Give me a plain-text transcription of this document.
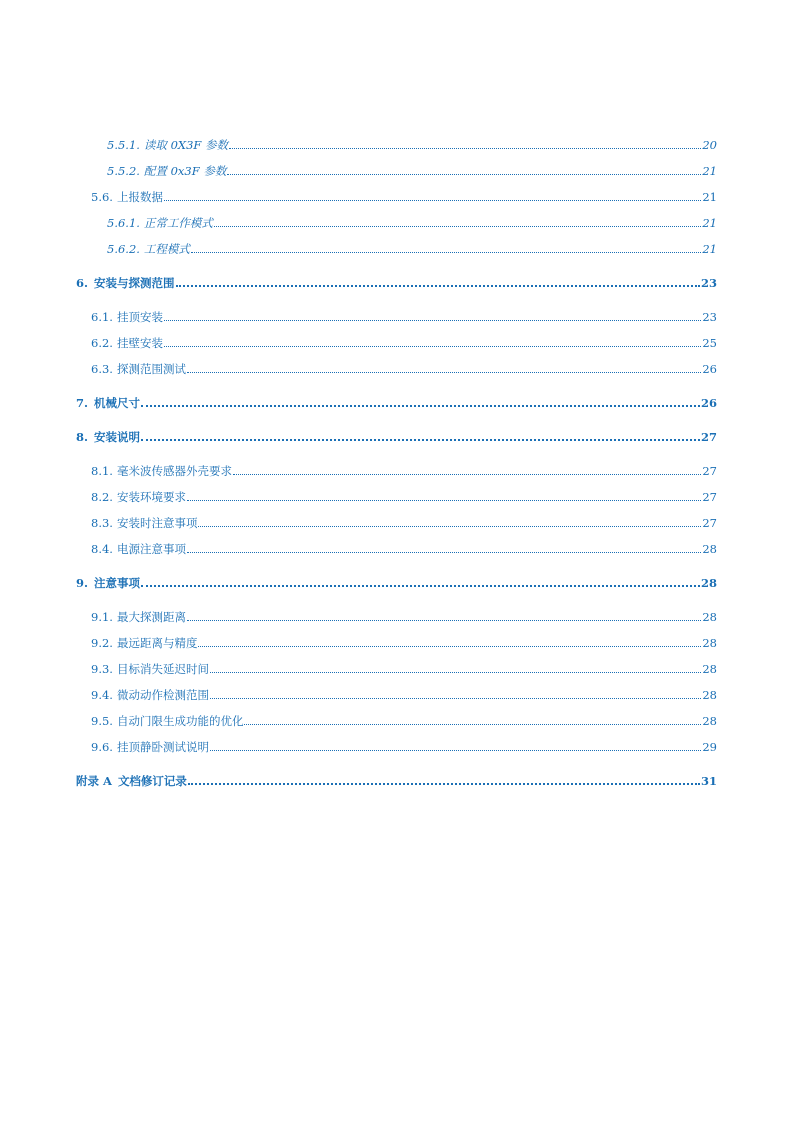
5.5.1. 读取 0X3F 参数	20
5.5.2. 配置 0x3F 参数	21
5.6. 上报数据	21
5.6.1. 正常工作模式	21
5.6.2. 工程模式	21
6. 安装与探测范围	23
6.1. 挂顶安装	23
6.2. 挂壁安装	25
6.3. 探测范围测试	26
7. 机械尺寸	26
8. 安装说明	27
8.1. 毫米波传感器外壳要求	27
8.2. 安装环境要求	27
8.3. 安装时注意事项	27
8.4. 电源注意事项	28
9. 注意事项	28
9.1. 最大探测距离	28
9.2. 最远距离与精度	28
9.3. 目标消失延迟时间	28
9.4. 微动动作检测范围	28
9.5. 自动门限生成功能的优化	28
9.6. 挂顶静卧测试说明	29
附录 A 文档修订记录	31
